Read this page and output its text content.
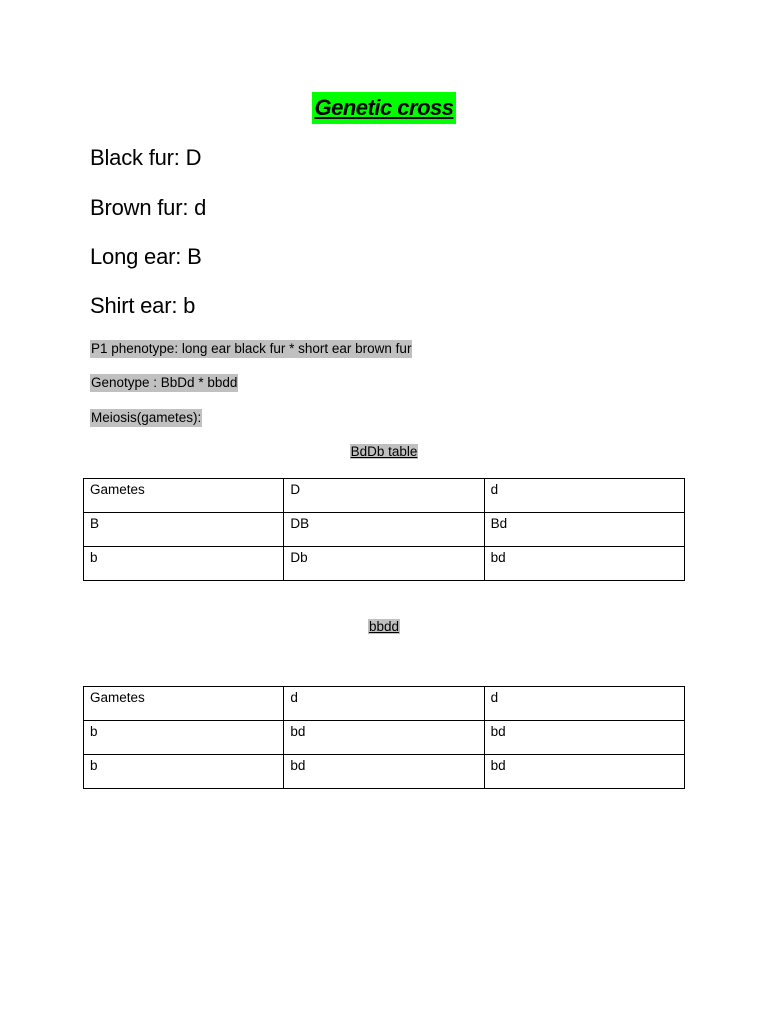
Genetic cross
Black fur: D
Brown fur: d
Long ear: B
Shirt ear: b
P1 phenotype: long ear black fur * short ear brown fur
Genotype : BbDd * bbdd
Meiosis(gametes):
BdDb table
Gametes	D	d
B	DB	Bd
b	Db	bd
bbdd
Gametes	d	d
b	bd	bd
b	bd	bd
